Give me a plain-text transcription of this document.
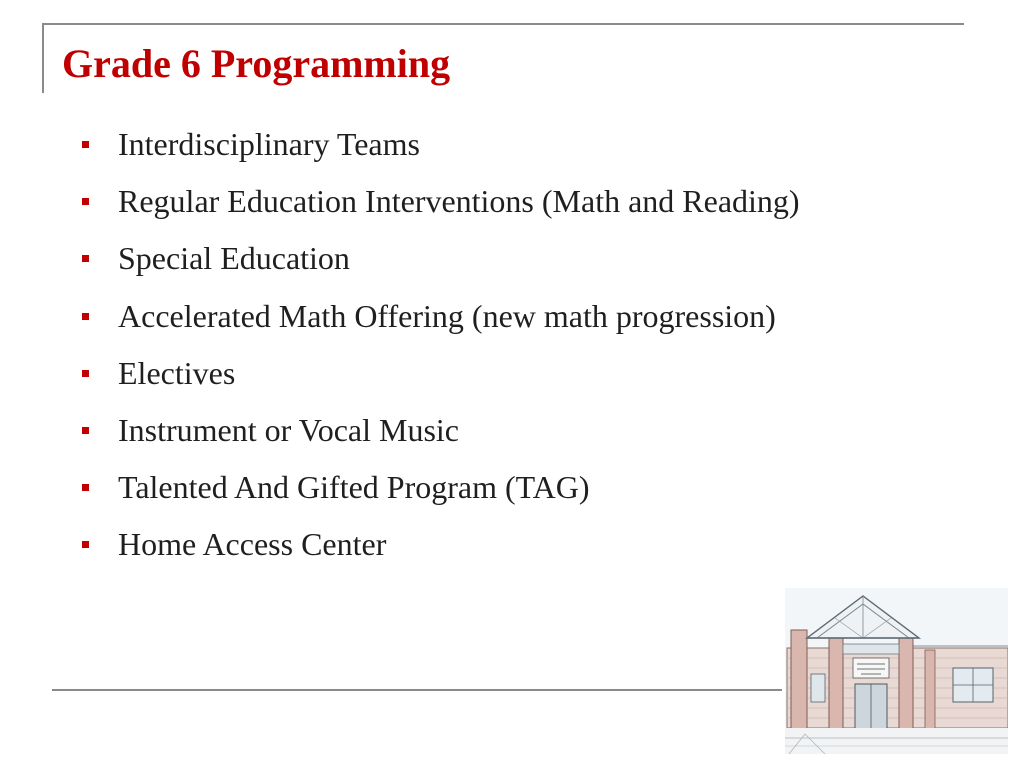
Grade 6 Programming
Interdisciplinary Teams
Regular Education Interventions (Math and Reading)
Special Education
Accelerated Math Offering (new math progression)
Electives
Instrument or Vocal Music
Talented And Gifted Program (TAG)
Home Access Center
